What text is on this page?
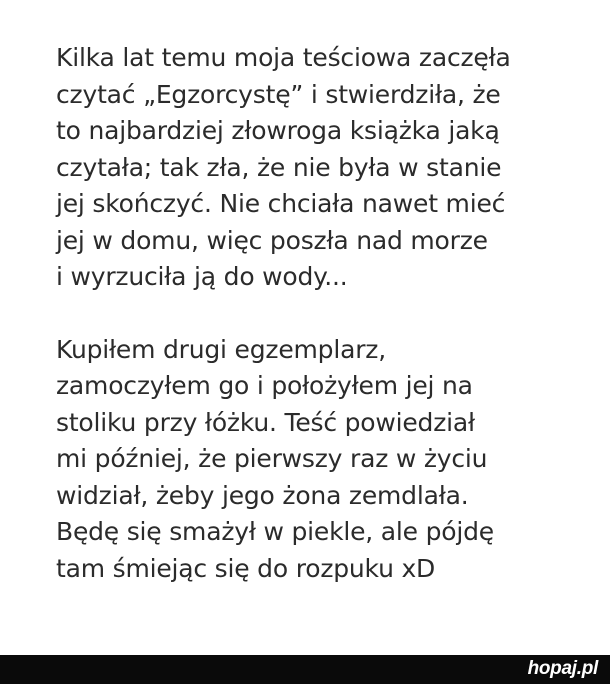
Kilka lat temu moja teściowa zaczęła
czytać „Egzorcystę” i stwierdziła, że
to najbardziej złowroga książka jaką
czytała; tak zła, że nie była w stanie
jej skończyć. Nie chciała nawet mieć
jej w domu, więc poszła nad morze
i wyrzuciła ją do wody...

Kupiłem drugi egzemplarz,
zamoczyłem go i położyłem jej na
stoliku przy łóżku. Teść powiedział
mi później, że pierwszy raz w życiu
widział, żeby jego żona zemdlała.
Będę się smażył w piekle, ale pójdę
tam śmiejąc się do rozpuku xD

hopaj.pl
